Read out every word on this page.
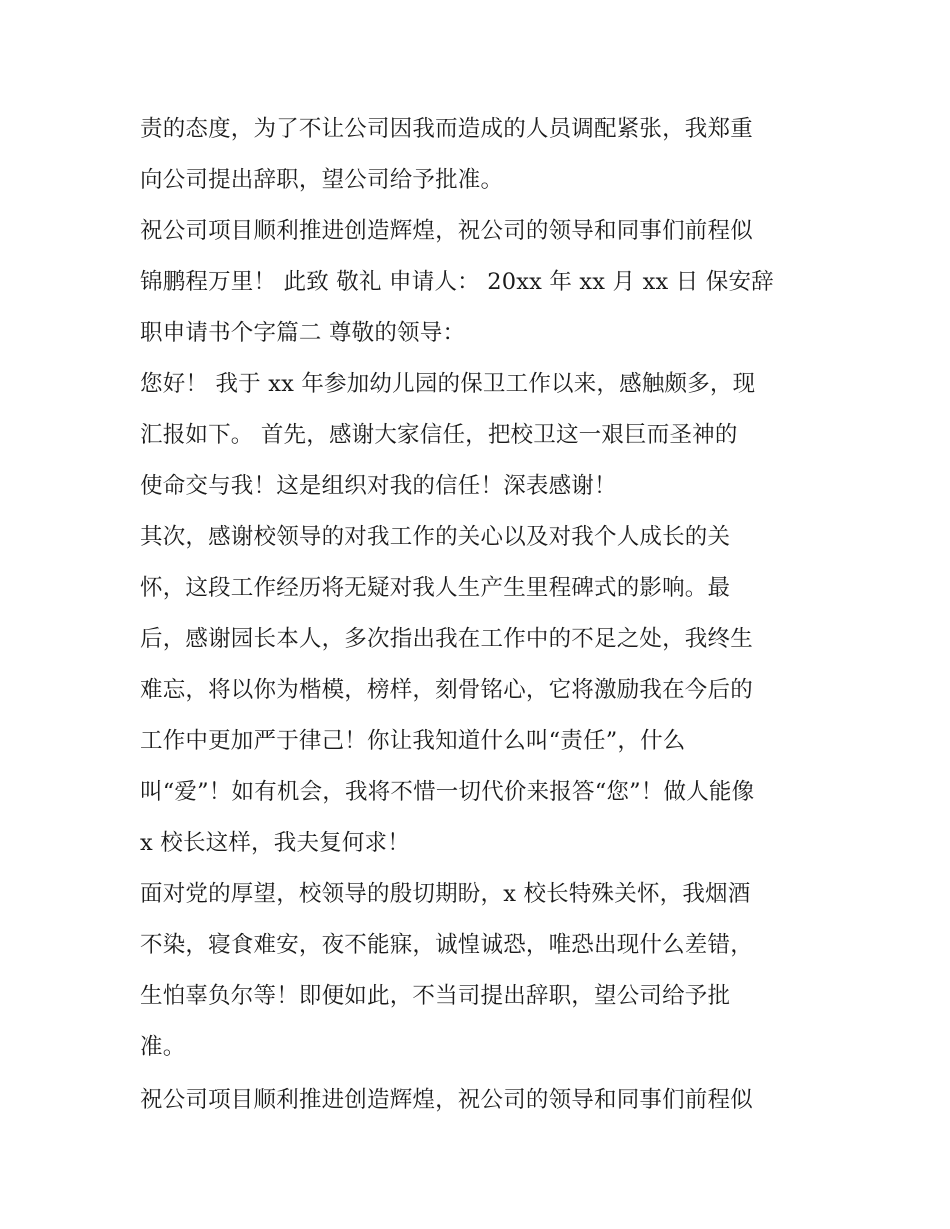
责的态度，为了不让公司因我而造成的人员调配紧张，我郑重
向公司提出辞职，望公司给予批准。
祝公司项目顺利推进创造辉煌，祝公司的领导和同事们前程似
锦鹏程万里！ 此致 敬礼 申请人： 20xx 年 xx 月 xx 日 保安辞
职申请书个字篇二 尊敬的领导：
您好！ 我于 xx 年参加幼儿园的保卫工作以来，感触颇多，现
汇报如下。 首先，感谢大家信任，把校卫这一艰巨而圣神的
使命交与我！这是组织对我的信任！深表感谢！
其次，感谢校领导的对我工作的关心以及对我个人成长的关
怀，这段工作经历将无疑对我人生产生里程碑式的影响。最
后，感谢园长本人，多次指出我在工作中的不足之处，我终生
难忘，将以你为楷模，榜样，刻骨铭心，它将激励我在今后的
工作中更加严于律己！你让我知道什么叫“责任”，什么
叫“爱”！如有机会，我将不惜一切代价来报答“您”！做人能像
x 校长这样，我夫复何求！
面对党的厚望，校领导的殷切期盼，x 校长特殊关怀，我烟酒
不染，寝食难安，夜不能寐，诚惶诚恐，唯恐出现什么差错，
生怕辜负尔等！即便如此，不当司提出辞职，望公司给予批
准。
祝公司项目顺利推进创造辉煌，祝公司的领导和同事们前程似
